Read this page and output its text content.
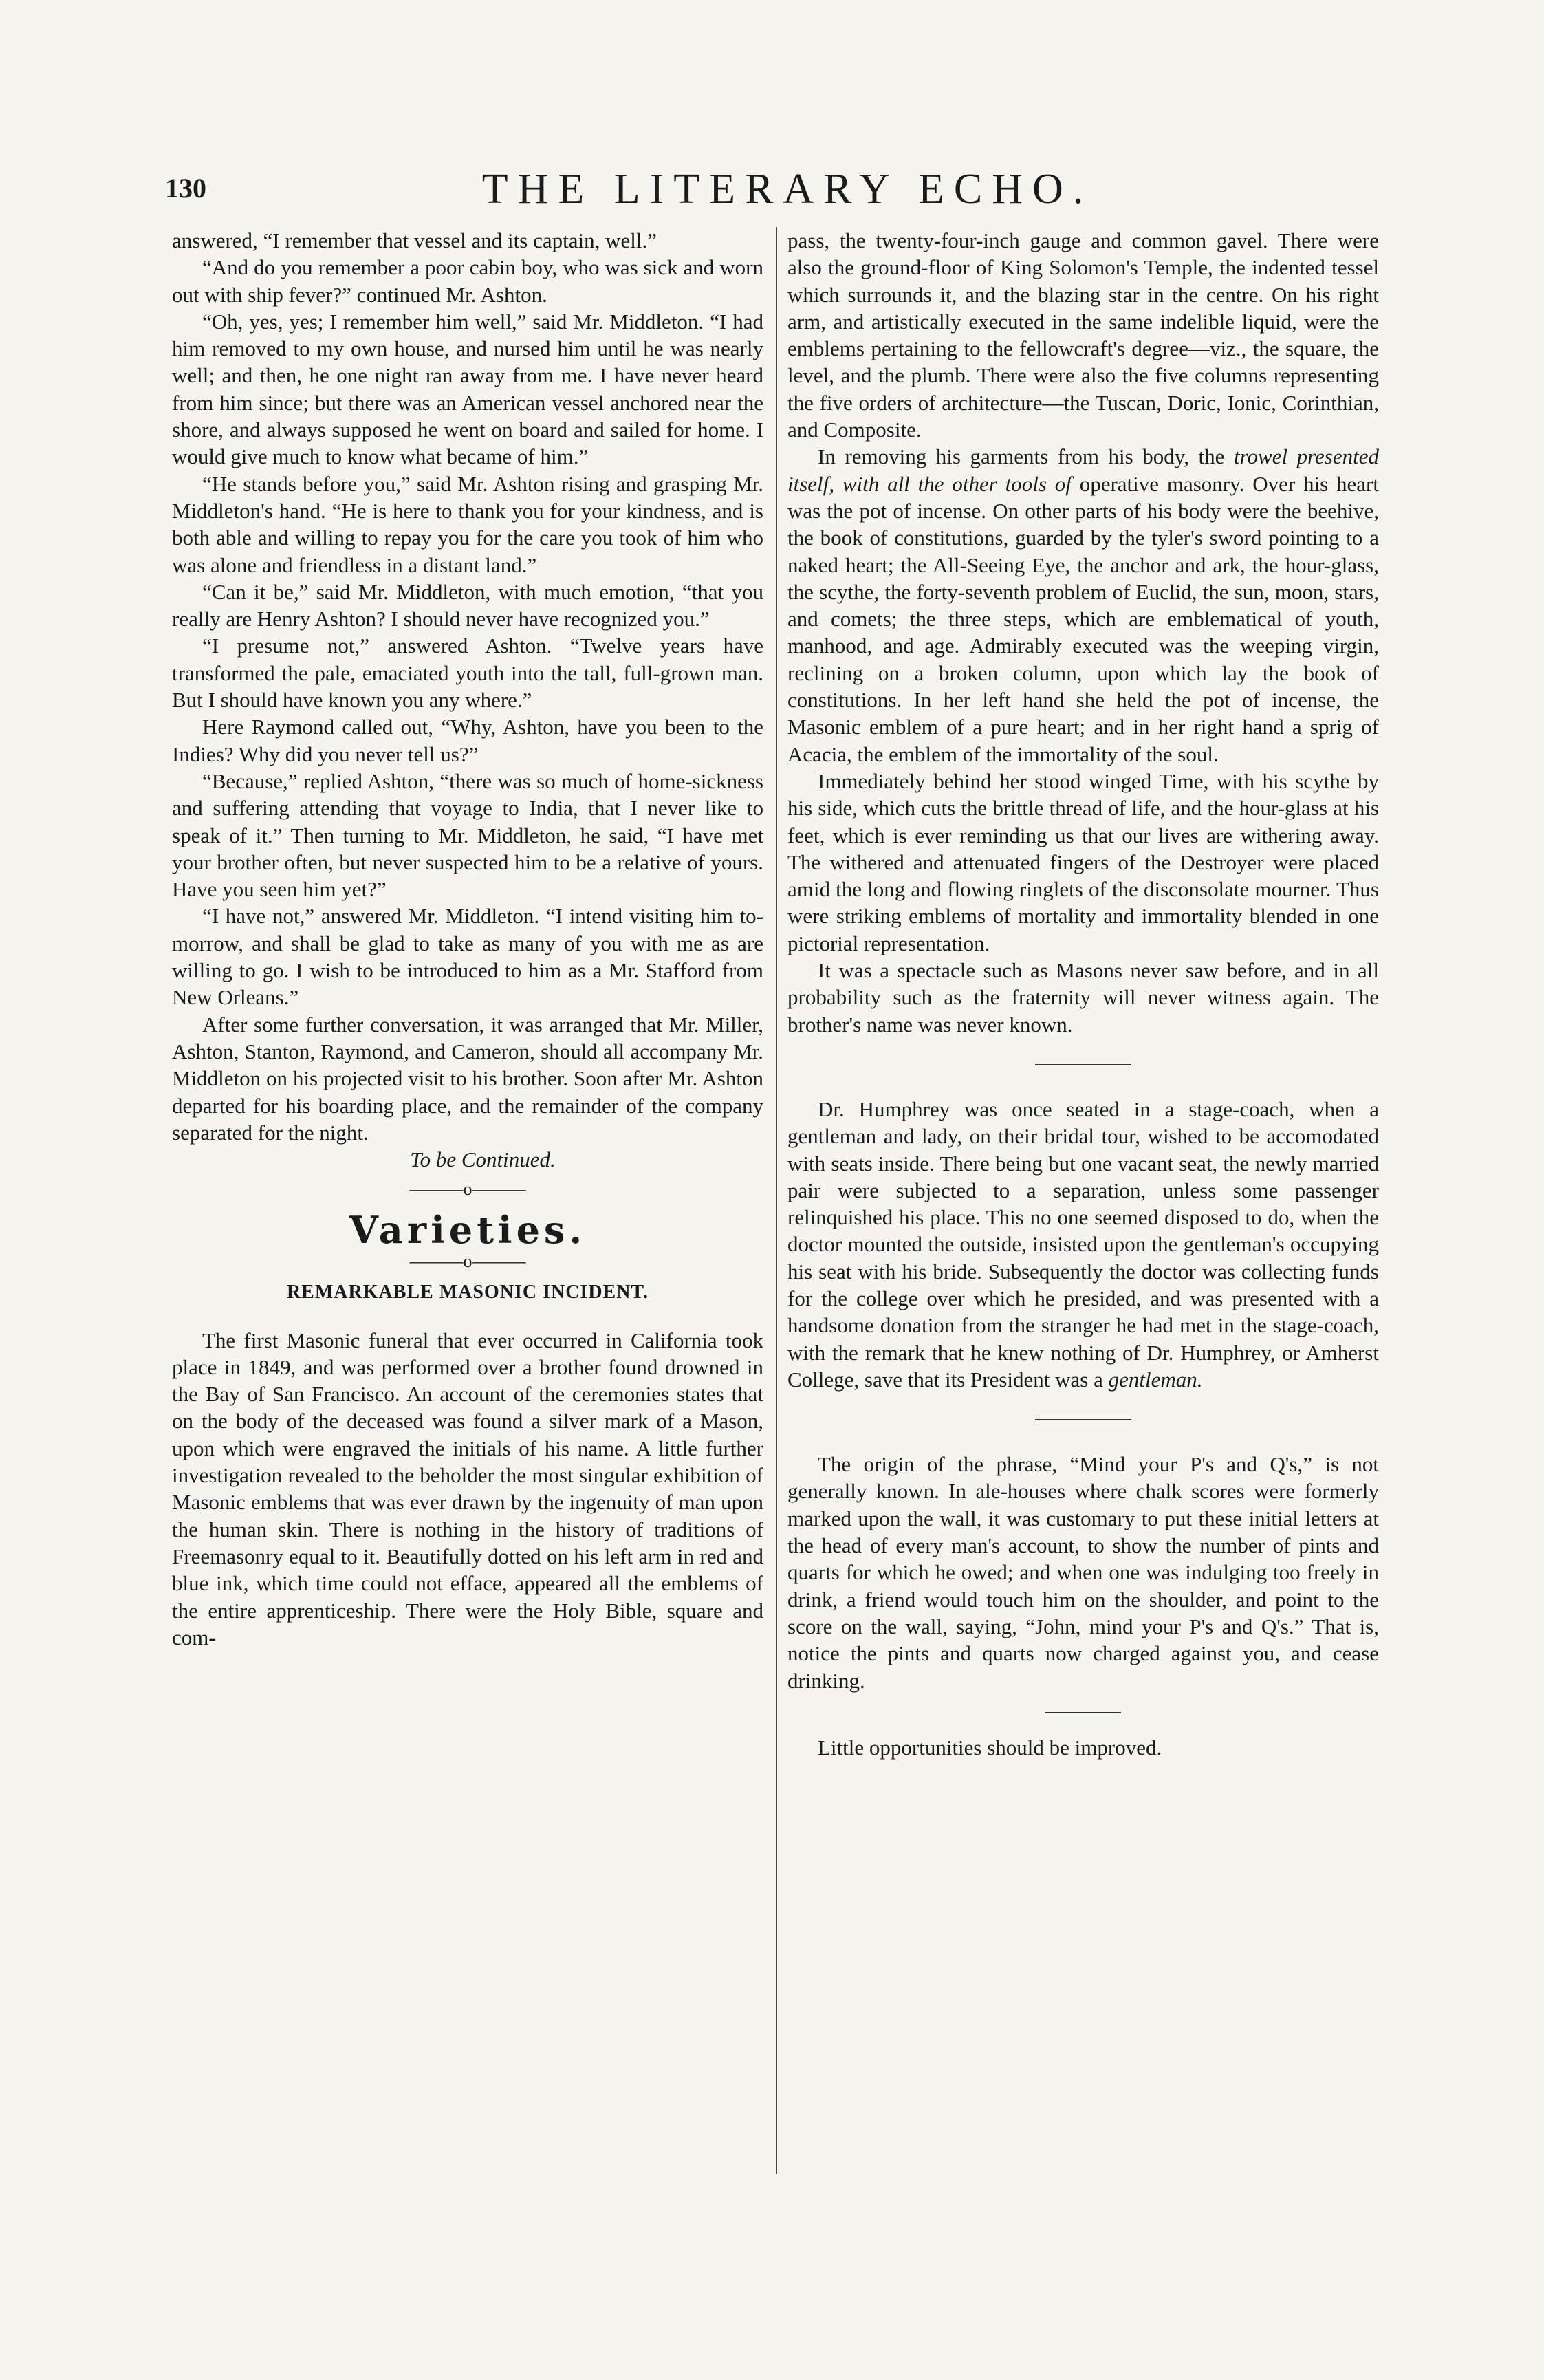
130	THE LITERARY ECHO.

answered, “I remember that vessel and its captain, well.”

“And do you remember a poor cabin boy, who was sick and worn out with ship fever?” continued Mr. Ashton.

“Oh, yes, yes; I remember him well,” said Mr. Middleton. “I had him removed to my own house, and nursed him until he was nearly well; and then, he one night ran away from me. I have never heard from him since; but there was an American vessel anchored near the shore, and always supposed he went on board and sailed for home. I would give much to know what became of him.”

“He stands before you,” said Mr. Ashton rising and grasping Mr. Middleton's hand. “He is here to thank you for your kindness, and is both able and willing to repay you for the care you took of him who was alone and friendless in a distant land.”

“Can it be,” said Mr. Middleton, with much emotion, “that you really are Henry Ashton? I should never have recognized you.”

“I presume not,” answered Ashton. “Twelve years have transformed the pale, emaciated youth into the tall, full-grown man. But I should have known you any where.”

Here Raymond called out, “Why, Ashton, have you been to the Indies? Why did you never tell us?”

“Because,” replied Ashton, “there was so much of home-sickness and suffering attending that voyage to India, that I never like to speak of it.” Then turning to Mr. Middleton, he said, “I have met your brother often, but never suspected him to be a relative of yours. Have you seen him yet?”

“I have not,” answered Mr. Middleton. “I intend visiting him to-morrow, and shall be glad to take as many of you with me as are willing to go. I wish to be introduced to him as a Mr. Stafford from New Orleans.”

After some further conversation, it was arranged that Mr. Miller, Ashton, Stanton, Raymond, and Cameron, should all accompany Mr. Middleton on his projected visit to his brother. Soon after Mr. Ashton departed for his boarding place, and the remainder of the company separated for the night.

To be Continued.

———o———
Varieties.
———o———
REMARKABLE MASONIC INCIDENT.

The first Masonic funeral that ever occurred in California took place in 1849, and was performed over a brother found drowned in the Bay of San Francisco. An account of the ceremonies states that on the body of the deceased was found a silver mark of a Mason, upon which were engraved the initials of his name. A little further investigation revealed to the beholder the most singular exhibition of Masonic emblems that was ever drawn by the ingenuity of man upon the human skin. There is nothing in the history of traditions of Freemasonry equal to it. Beautifully dotted on his left arm in red and blue ink, which time could not efface, appeared all the emblems of the entire apprenticeship. There were the Holy Bible, square and com-

pass, the twenty-four-inch gauge and common gavel. There were also the ground-floor of King Solomon's Temple, the indented tessel which surrounds it, and the blazing star in the centre. On his right arm, and artistically executed in the same indelible liquid, were the emblems pertaining to the fellowcraft's degree—viz., the square, the level, and the plumb. There were also the five columns representing the five orders of architecture—the Tuscan, Doric, Ionic, Corinthian, and Composite.

In removing his garments from his body, the trowel presented itself, with all the other tools of operative masonry. Over his heart was the pot of incense. On other parts of his body were the beehive, the book of constitutions, guarded by the tyler's sword pointing to a naked heart; the All-Seeing Eye, the anchor and ark, the hour-glass, the scythe, the forty-seventh problem of Euclid, the sun, moon, stars, and comets; the three steps, which are emblematical of youth, manhood, and age. Admirably executed was the weeping virgin, reclining on a broken column, upon which lay the book of constitutions. In her left hand she held the pot of incense, the Masonic emblem of a pure heart; and in her right hand a sprig of Acacia, the emblem of the immortality of the soul.

Immediately behind her stood winged Time, with his scythe by his side, which cuts the brittle thread of life, and the hour-glass at his feet, which is ever reminding us that our lives are withering away. The withered and attenuated fingers of the Destroyer were placed amid the long and flowing ringlets of the disconsolate mourner. Thus were striking emblems of mortality and immortality blended in one pictorial representation.

It was a spectacle such as Masons never saw before, and in all probability such as the fraternity will never witness again. The brother's name was never known.

Dr. Humphrey was once seated in a stage-coach, when a gentleman and lady, on their bridal tour, wished to be accomodated with seats inside. There being but one vacant seat, the newly married pair were subjected to a separation, unless some passenger relinquished his place. This no one seemed disposed to do, when the doctor mounted the outside, insisted upon the gentleman's occupying his seat with his bride. Subsequently the doctor was collecting funds for the college over which he presided, and was presented with a handsome donation from the stranger he had met in the stage-coach, with the remark that he knew nothing of Dr. Humphrey, or Amherst College, save that its President was a gentleman.

The origin of the phrase, “Mind your P's and Q's,” is not generally known. In ale-houses where chalk scores were formerly marked upon the wall, it was customary to put these initial letters at the head of every man's account, to show the number of pints and quarts for which he owed; and when one was indulging too freely in drink, a friend would touch him on the shoulder, and point to the score on the wall, saying, “John, mind your P's and Q's.” That is, notice the pints and quarts now charged against you, and cease drinking.

Little opportunities should be improved.
